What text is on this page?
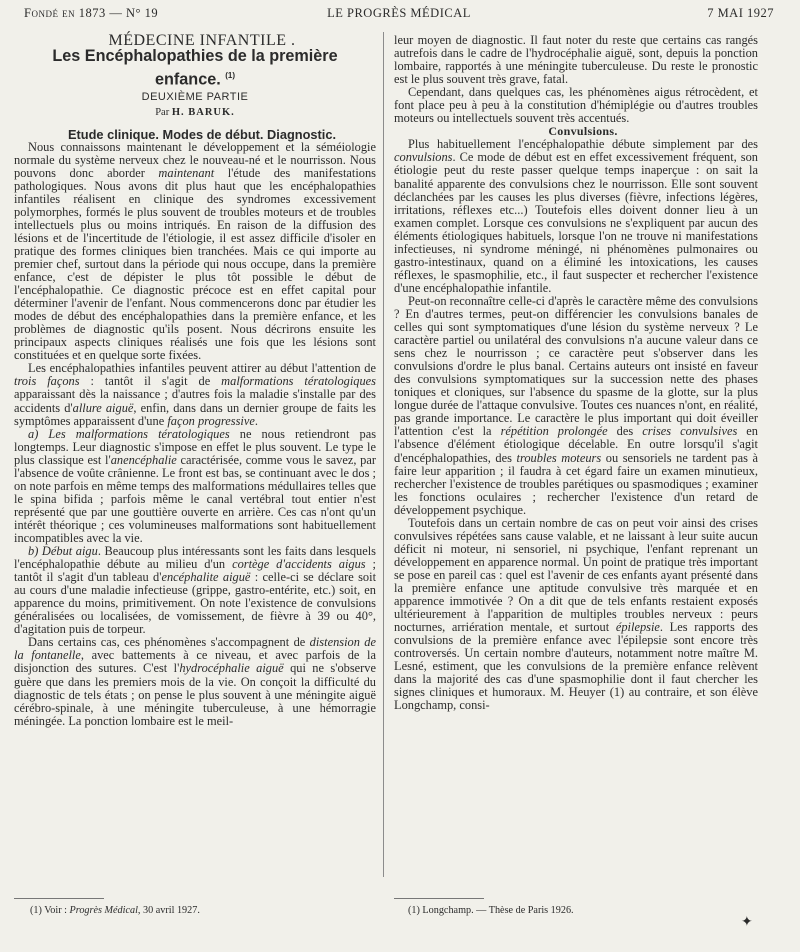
Fondé en 1873 — N° 19	LE PROGRÈS MÉDICAL	7 MAI 1927

MÉDECINE INFANTILE .

Les Encéphalopathies de la première
enfance. $^{(1)}$
DEUXIÈME PARTIE
Par H. BARUK.

Etude clinique. Modes de début. Diagnostic.

Nous connaissons maintenant le développement et la séméiologie normale du système nerveux chez le nouveau-né et le nourrisson. Nous pouvons donc aborder maintenant l'étude des manifestations pathologiques. Nous avons dit plus haut que les encéphalopathies infantiles réalisent en clinique des syndromes excessivement polymorphes, formés le plus souvent de troubles moteurs et de troubles intellectuels plus ou moins intriqués. En raison de la diffusion des lésions et de l'incertitude de l'étiologie, il est assez difficile d'isoler en pratique des formes cliniques bien tranchées. Mais ce qui importe au premier chef, surtout dans la période qui nous occupe, dans la première enfance, c'est de dépister le plus tôt possible le début de l'encéphalopathie. Ce diagnostic précoce est en effet capital pour déterminer l'avenir de l'enfant. Nous commencerons donc par étudier les modes de début des encéphalopathies dans la première enfance, et les problèmes de diagnostic qu'ils posent. Nous décrirons ensuite les principaux aspects cliniques réalisés une fois que les lésions sont constituées et en quelque sorte fixées.

Les encéphalopathies infantiles peuvent attirer au début l'attention de trois façons : tantôt il s'agit de malformations tératologiques apparaissant dès la naissance ; d'autres fois la maladie s'installe par des accidents d'allure aiguë, enfin, dans dans un dernier groupe de faits les symptômes apparaissent d'une façon progressive.

a) Les malformations tératologiques ne nous retiendront pas longtemps. Leur diagnostic s'impose en effet le plus souvent. Le type le plus classique est l'anencéphalie caractérisée, comme vous le savez, par l'absence de voûte crânienne. Le front est bas, se continuant avec le dos ; on note parfois en même temps des malformations médullaires telles que le spina bifida ; parfois même le canal vertébral tout entier n'est représenté que par une gouttière ouverte en arrière. Ces cas n'ont qu'un intérêt théorique ; ces volumineuses malformations sont habituellement incompatibles avec la vie.

b) Début aigu. Beaucoup plus intéressants sont les faits dans lesquels l'encéphalopathie débute au milieu d'un cortège d'accidents aigus ; tantôt il s'agit d'un tableau d'encéphalite aiguë : celle-ci se déclare soit au cours d'une maladie infectieuse (grippe, gastro-entérite, etc.) soit, en apparence du moins, primitivement. On note l'existence de convulsions généralisées ou localisées, de vomissement, de fièvre à 39 ou 40°, d'agitation puis de torpeur.

Dans certains cas, ces phénomènes s'accompagnent de distension de la fontanelle, avec battements à ce niveau, et avec parfois de la disjonction des sutures. C'est l'hydrocéphalie aiguë qui ne s'observe guère que dans les premiers mois de la vie. On conçoit la difficulté du diagnostic de tels états ; on pense le plus souvent à une méningite aiguë cérébro-spinale, à une méningite tuberculeuse, à une hémorragie méningée. La ponction lombaire est le meil-

leur moyen de diagnostic. Il faut noter du reste que certains cas rangés autrefois dans le cadre de l'hydrocéphalie aiguë, sont, depuis la ponction lombaire, rapportés à une méningite tuberculeuse. Du reste le pronostic est le plus souvent très grave, fatal.

Cependant, dans quelques cas, les phénomènes aigus rétrocèdent, et font place peu à peu à la constitution d'hémiplégie ou d'autres troubles moteurs ou intellectuels souvent très accentués.

Convulsions.

Plus habituellement l'encéphalopathie débute simplement par des convulsions. Ce mode de début est en effet excessivement fréquent, son étiologie peut du reste passer quelque temps inaperçue : on sait la banalité apparente des convulsions chez le nourrisson. Elle sont souvent déclanchées par les causes les plus diverses (fièvre, infections légères, irritations, réflexes etc...) Toutefois elles doivent donner lieu à un examen complet. Lorsque ces convulsions ne s'expliquent par aucun des éléments étiologiques habituels, lorsque l'on ne trouve ni manifestations infectieuses, ni syndrome méningé, ni phénomènes pulmonaires ou gastro-intestinaux, quand on a éliminé les intoxications, les causes réflexes, le spasmophilie, etc., il faut suspecter et rechercher l'existence d'une encéphalopathie infantile.

Peut-on reconnaître celle-ci d'après le caractère même des convulsions ? En d'autres termes, peut-on différencier les convulsions banales de celles qui sont symptomatiques d'une lésion du système nerveux ? Le caractère partiel ou unilatéral des convulsions n'a aucune valeur dans ce sens chez le nourrisson ; ce caractère peut s'observer dans les convulsions d'ordre le plus banal. Certains auteurs ont insisté en faveur des convulsions symptomatiques sur la succession nette des phases toniques et cloniques, sur l'absence du spasme de la glotte, sur la plus longue durée de l'attaque convulsive. Toutes ces nuances n'ont, en réalité, pas grande importance. Le caractère le plus important qui doit éveiller l'attention c'est la répétition prolongée des crises convulsives en l'absence d'élément étiologique décelable. En outre lorsqu'il s'agit d'encéphalopathies, des troubles moteurs ou sensoriels ne tardent pas à faire leur apparition ; il faudra à cet égard faire un examen minutieux, rechercher l'existence de troubles parétiques ou spasmodiques ; examiner les fonctions oculaires ; rechercher l'existence d'un retard de développement psychique.

Toutefois dans un certain nombre de cas on peut voir ainsi des crises convulsives répétées sans cause valable, et ne laissant à leur suite aucun déficit ni moteur, ni sensoriel, ni psychique, l'enfant reprenant un développement en apparence normal. Un point de pratique très important se pose en pareil cas : quel est l'avenir de ces enfants ayant présenté dans la première enfance une aptitude convulsive très marquée et en apparence immotivée ? On a dit que de tels enfants restaient exposés ultérieurement à l'apparition de multiples troubles nerveux : peurs nocturnes, arriération mentale, et surtout épilepsie. Les rapports des convulsions de la première enfance avec l'épilepsie sont encore très controversés. Un certain nombre d'auteurs, notamment notre maître M. Lesné, estiment, que les convulsions de la première enfance relèvent dans la majorité des cas d'une spasmophilie dont il faut chercher les signes cliniques et humoraux. M. Heuyer (1) au contraire, et son élève Longchamp, consi-

(1) Voir : Progrès Médical, 30 avril 1927.	(1) Longchamp. — Thèse de Paris 1926.
✦
